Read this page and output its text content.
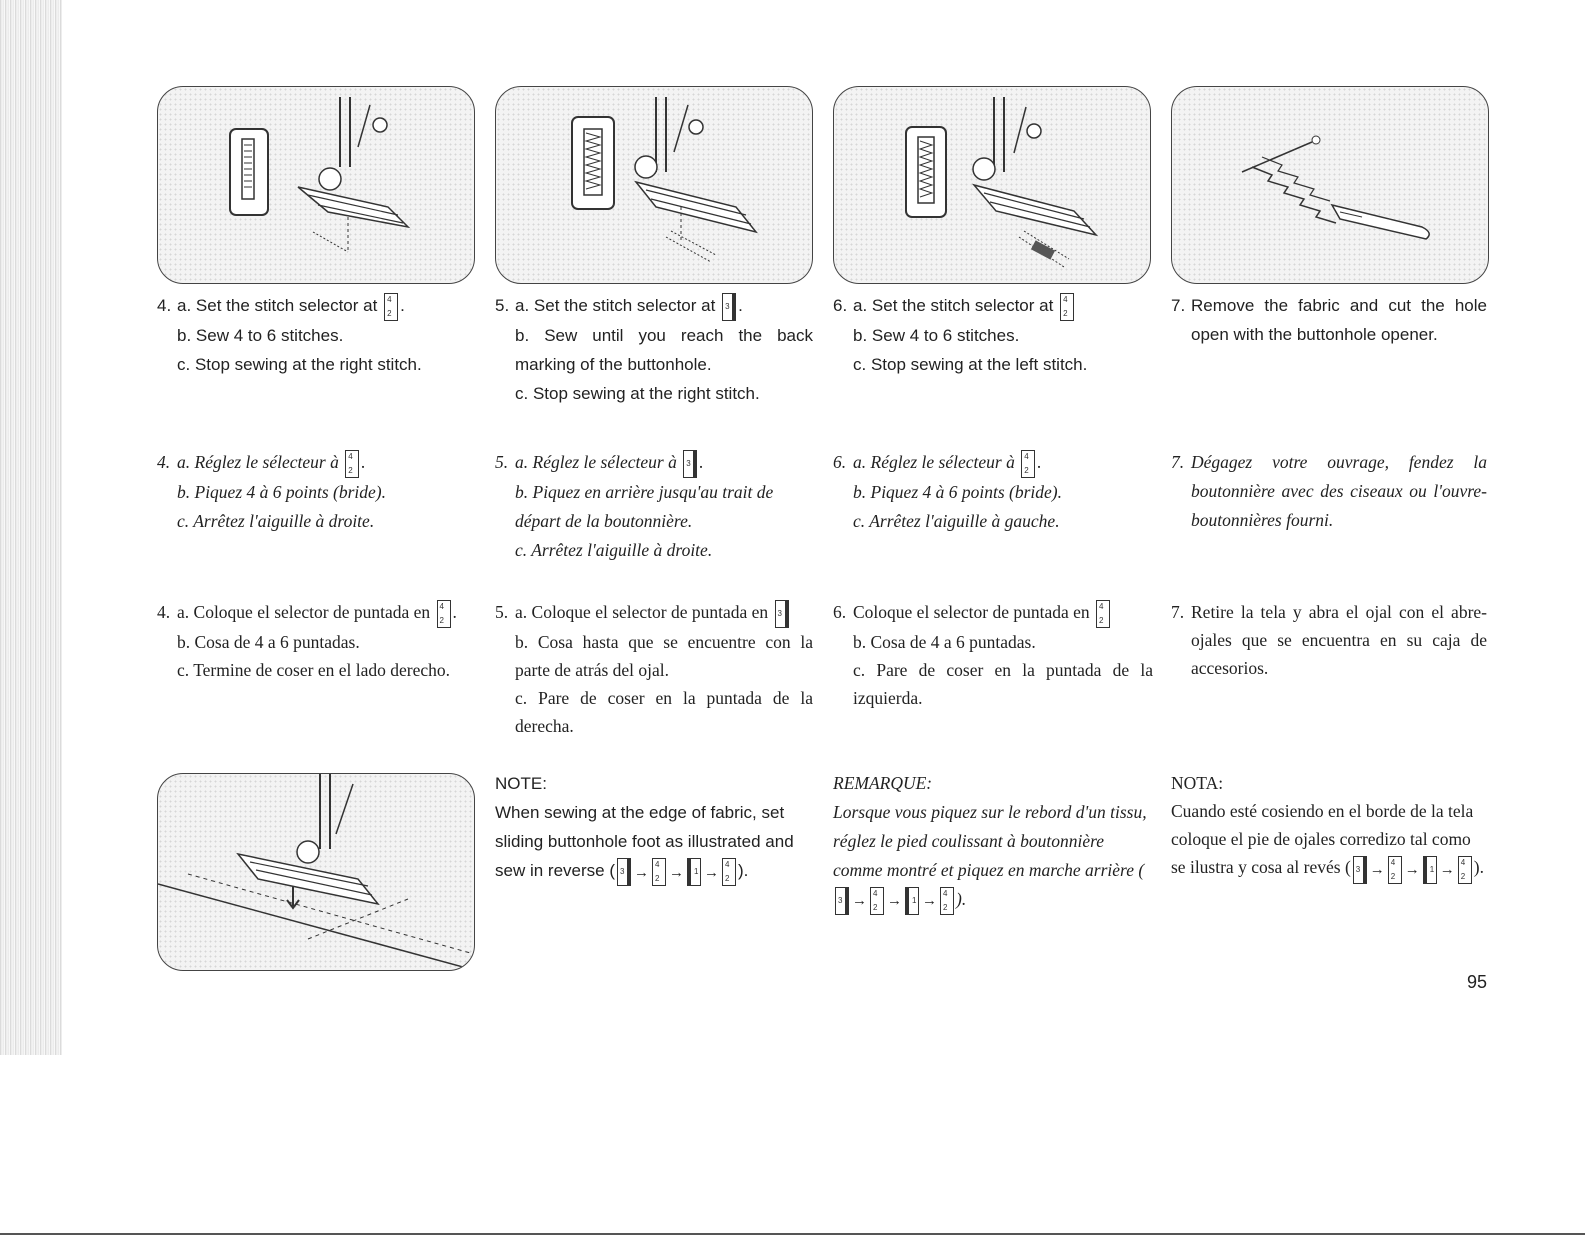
4. a. Set the stitch selector at 4
2 .
b. Sew 4 to 6 stitches.
c. Stop sewing at the right stitch.
5. a. Set the stitch selector at 3 .
b. Sew until you reach the back marking of the buttonhole.
c. Stop sewing at the right stitch.
6. a. Set the stitch selector at 4
2
b. Sew 4 to 6 stitches.
c. Stop sewing at the left stitch.
7. Remove the fabric and cut the hole open with the buttonhole opener.
4. a. Réglez le sélecteur à 4
2 .
b. Piquez 4 à 6 points (bride).
c. Arrêtez l'aiguille à droite.
5. a. Réglez le sélecteur à 3 .
b. Piquez en arrière jusqu'au trait de départ de la boutonnière.
c. Arrêtez l'aiguille à droite.
6. a. Réglez le sélecteur à 4
2 .
b. Piquez 4 à 6 points (bride).
c. Arrêtez l'aiguille à gauche.
7. Dégagez votre ouvrage, fendez la boutonnière avec des ciseaux ou l'ouvre-boutonnières fourni.
4. a. Coloque el selector de puntada en 4
2 .
b. Cosa de 4 a 6 puntadas.
c. Termine de coser en el lado derecho.
5. a. Coloque el selector de puntada en 3
b. Cosa hasta que se encuentre con la parte de atrás del ojal.
c. Pare de coser en la puntada de la derecha.
6. Coloque el selector de puntada en 4
2
b. Cosa de 4 a 6 puntadas.
c. Pare de coser en la puntada de la izquierda.
7. Retire la tela y abra el ojal con el abre-ojales que se encuentra en su caja de accesorios.
NOTE:
When sewing at the edge of fabric, set sliding buttonhole foot as illustrated and sew in reverse ( 3 → 4
2 → 1 → 4
2 ).
REMARQUE:
Lorsque vous piquez sur le rebord d'un tissu, réglez le pied coulissant à boutonnière comme montré et piquez en marche arrière (
3 → 4
2 → 1 → 4
2 ).
NOTA:
Cuando esté cosiendo en el borde de la tela coloque el pie de ojales corredizo tal como se ilustra y cosa al revés ( 3 → 4
2 → 1 → 4
2 ).
95
